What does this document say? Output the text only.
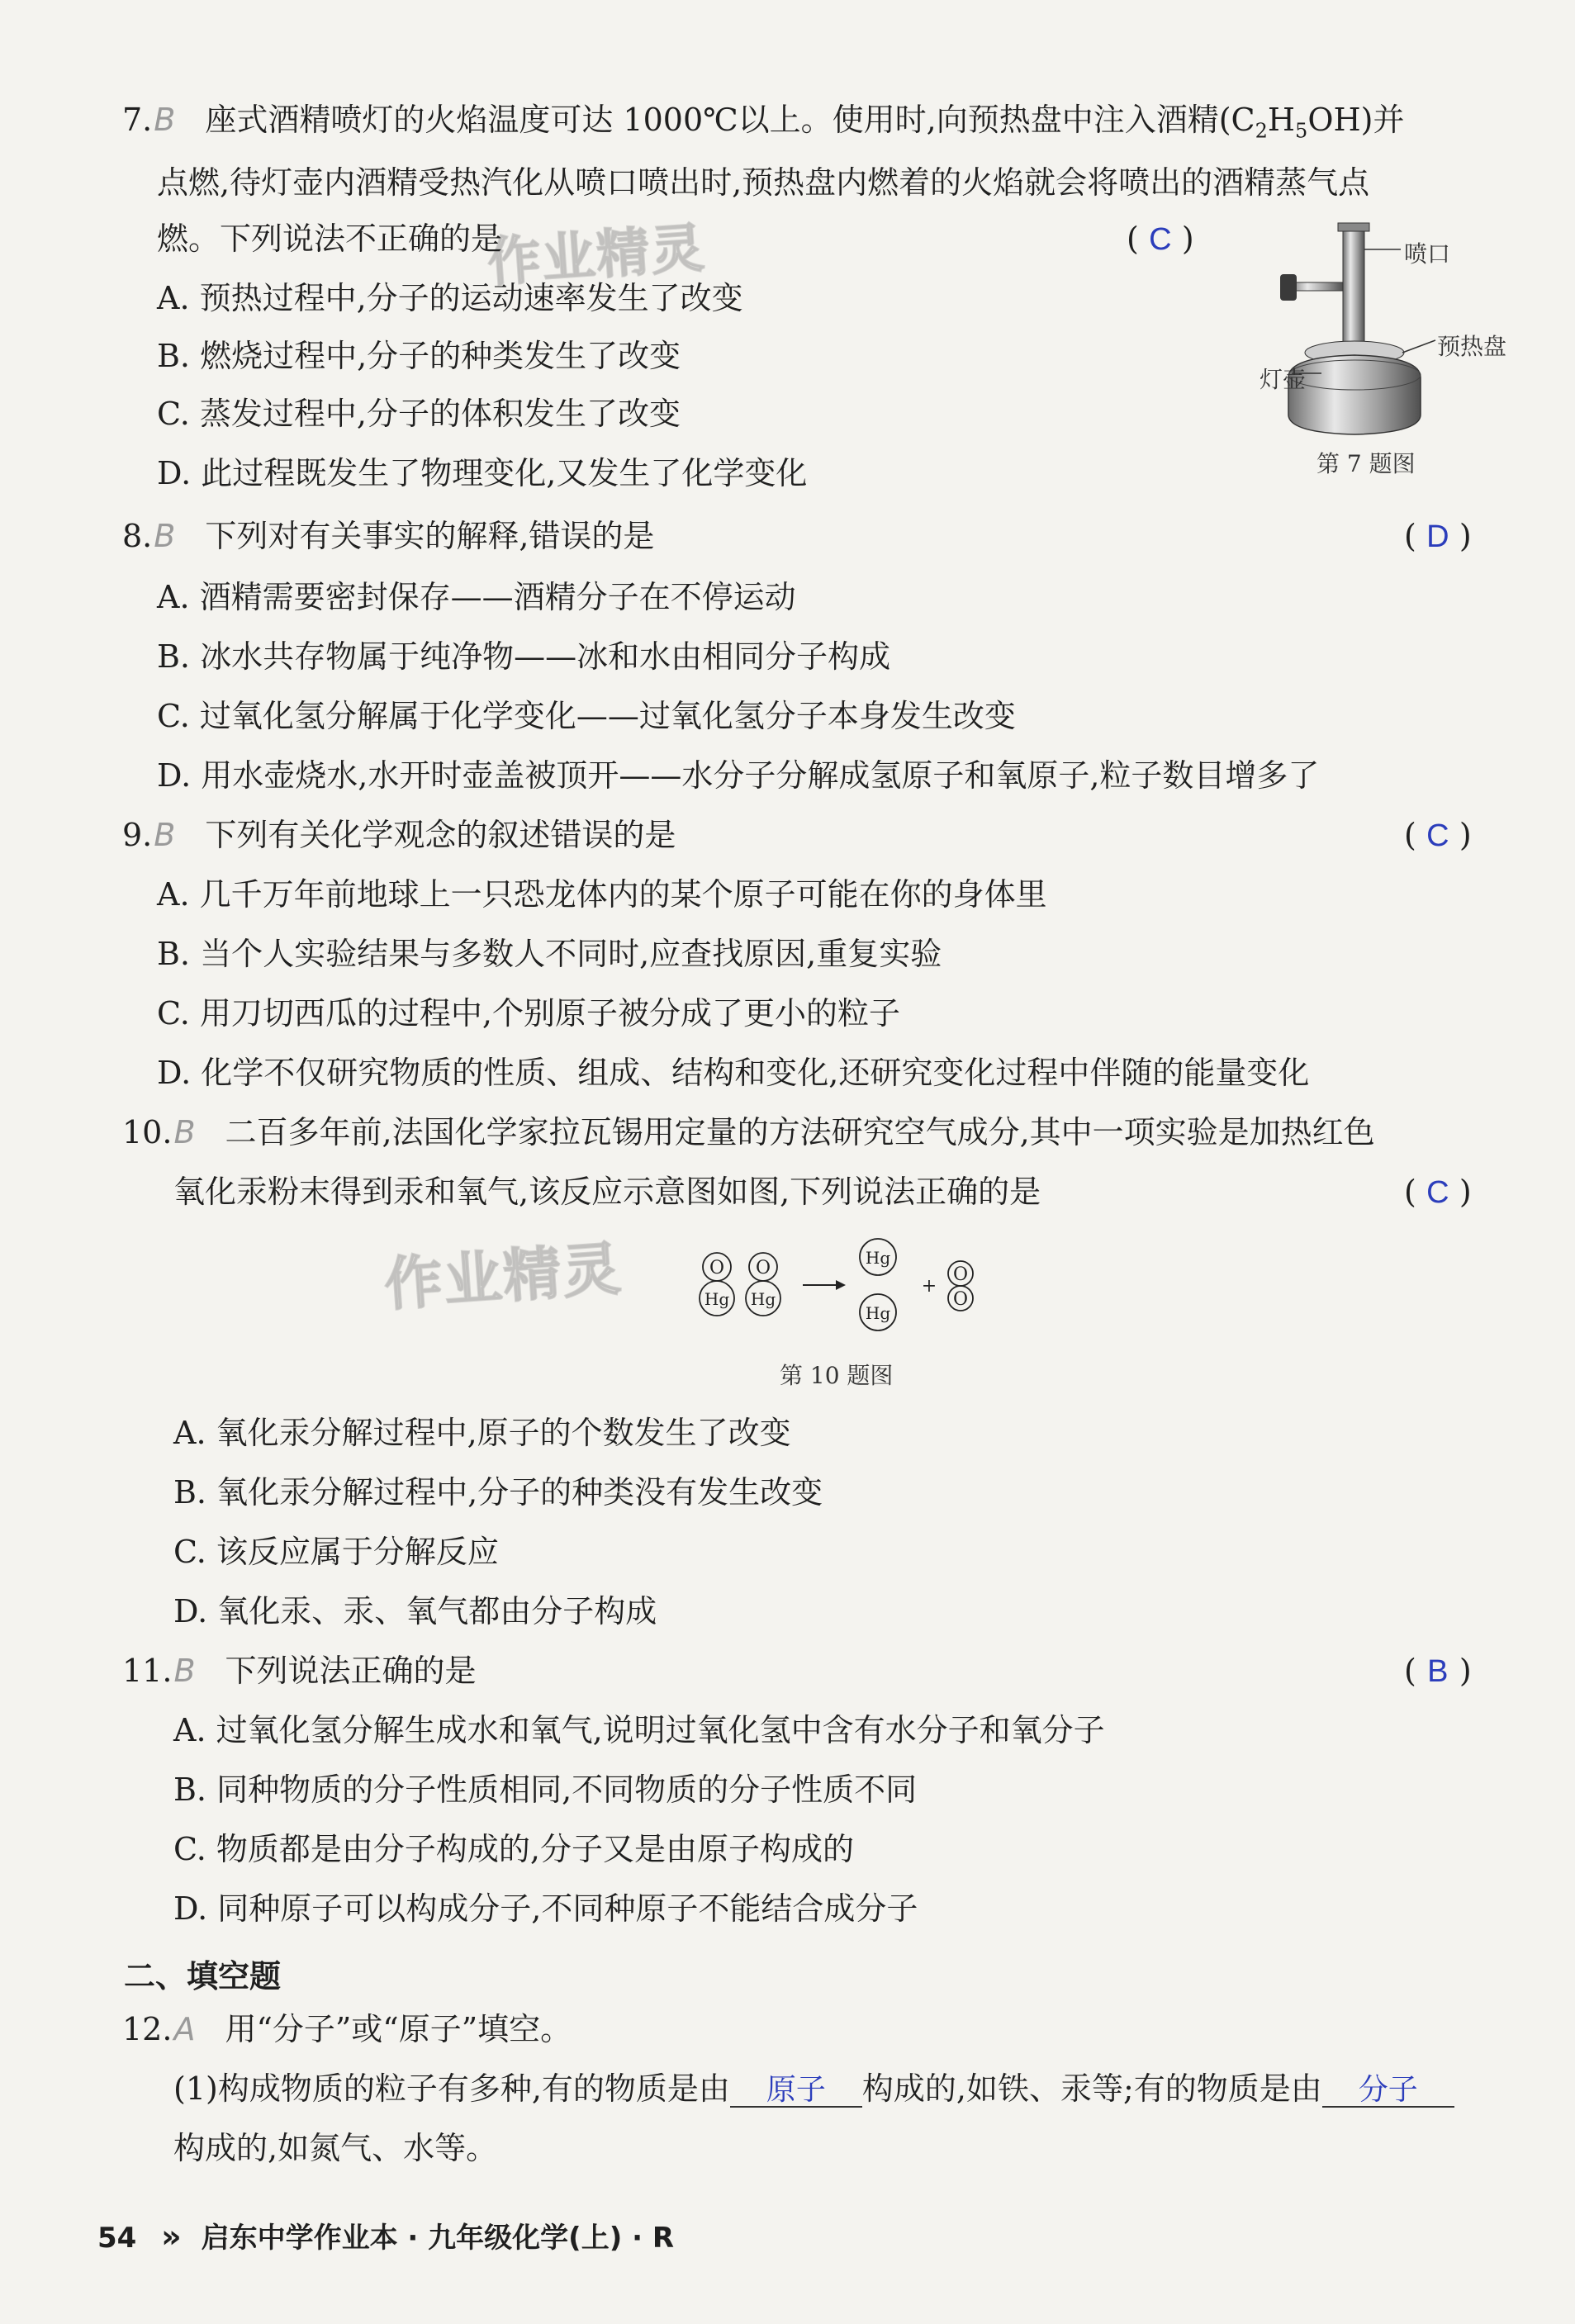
作业精灵
作业精灵
7.B 座式酒精喷灯的火焰温度可达 1000℃以上。使用时,向预热盘中注入酒精$(C_2H_5OH)$并
点燃,待灯壶内酒精受热汽化从喷口喷出时,预热盘内燃着的火焰就会将喷出的酒精蒸气点
燃。下列说法不正确的是	( C )
A. 预热过程中,分子的运动速率发生了改变
B. 燃烧过程中,分子的种类发生了改变
C. 蒸发过程中,分子的体积发生了改变
D. 此过程既发生了物理变化,又发生了化学变化
喷口
预热盘
灯壶
第 7 题图
8.B 下列对有关事实的解释,错误的是	( D )
A. 酒精需要密封保存——酒精分子在不停运动
B. 冰水共存物属于纯净物——冰和水由相同分子构成
C. 过氧化氢分解属于化学变化——过氧化氢分子本身发生改变
D. 用水壶烧水,水开时壶盖被顶开——水分子分解成氢原子和氧原子,粒子数目增多了
9.B 下列有关化学观念的叙述错误的是	( C )
A. 几千万年前地球上一只恐龙体内的某个原子可能在你的身体里
B. 当个人实验结果与多数人不同时,应查找原因,重复实验
C. 用刀切西瓜的过程中,个别原子被分成了更小的粒子
D. 化学不仅研究物质的性质、组成、结构和变化,还研究变化过程中伴随的能量变化
10.B 二百多年前,法国化学家拉瓦锡用定量的方法研究空气成分,其中一项实验是加热红色
氧化汞粉末得到汞和氧气,该反应示意图如图,下列说法正确的是	( C )
O
Hg
O
Hg
Hg
Hg
+
O
O
第 10 题图
A. 氧化汞分解过程中,原子的个数发生了改变
B. 氧化汞分解过程中,分子的种类没有发生改变
C. 该反应属于分解反应
D. 氧化汞、汞、氧气都由分子构成
11.B 下列说法正确的是	( B )
A. 过氧化氢分解生成水和氧气,说明过氧化氢中含有水分子和氧分子
B. 同种物质的分子性质相同,不同物质的分子性质不同
C. 物质都是由分子构成的,分子又是由原子构成的
D. 同种原子可以构成分子,不同种原子不能结合成分子
二、填空题
12.A 用“分子”或“原子”填空。
(1)构成物质的粒子有多种,有的物质是由 原子 构成的,如铁、汞等;有的物质是由 分子
构成的,如氮气、水等。
54 » 启东中学作业本 · 九年级化学(上) · R
